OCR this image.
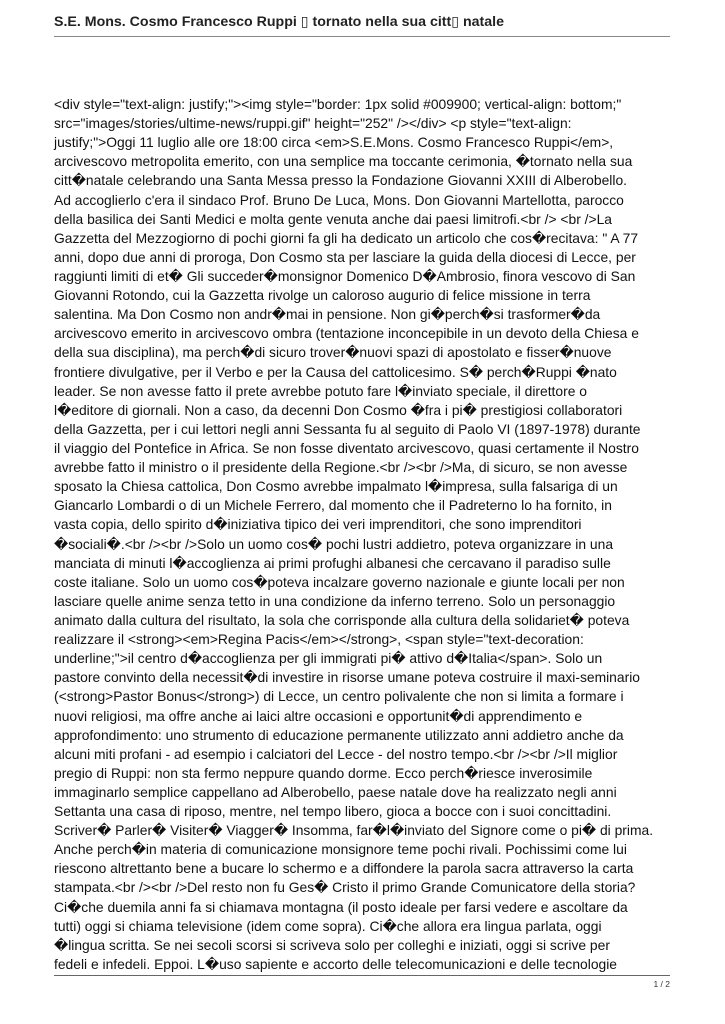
S.E. Mons. Cosmo Francesco Ruppi ▯ tornato nella sua citt▯ natale
<div style="text-align: justify;"><img style="border: 1px solid #009900; vertical-align: bottom;"
src="images/stories/ultime-news/ruppi.gif" height="252" /></div> <p style="text-align:
justify;">Oggi 11 luglio alle ore 18:00 circa <em>S.E.Mons. Cosmo Francesco Ruppi</em>,
arcivescovo metropolita emerito, con una semplice ma toccante cerimonia, �tornato nella sua
citt�natale celebrando una Santa Messa presso la Fondazione Giovanni XXIII di Alberobello.
Ad accoglierlo c'era il sindaco Prof. Bruno De Luca, Mons. Don Giovanni Martellotta, parocco
della basilica dei Santi Medici e molta gente venuta anche dai paesi limitrofi.<br /> <br />La
Gazzetta del Mezzogiorno di pochi giorni fa gli ha dedicato un articolo che cos�recitava: " A 77
anni, dopo due anni di proroga, Don Cosmo sta per lasciare la guida della diocesi di Lecce, per
raggiunti limiti di et� Gli succeder�monsignor Domenico D�Ambrosio, finora vescovo di San
Giovanni Rotondo, cui la Gazzetta rivolge un caloroso augurio di felice missione in terra
salentina. Ma Don Cosmo non andr�mai in pensione. Non gi�perch�si trasformer�da
arcivescovo emerito in arcivescovo ombra (tentazione inconcepibile in un devoto della Chiesa e
della sua disciplina), ma perch�di sicuro trover�nuovi spazi di apostolato e fisser�nuove
frontiere divulgative, per il Verbo e per la Causa del cattolicesimo. S� perch�Ruppi �nato
leader. Se non avesse fatto il prete avrebbe potuto fare l�inviato speciale, il direttore o
l�editore di giornali. Non a caso, da decenni Don Cosmo �fra i pi� prestigiosi collaboratori
della Gazzetta, per i cui lettori negli anni Sessanta fu al seguito di Paolo VI (1897-1978) durante
il viaggio del Pontefice in Africa. Se non fosse diventato arcivescovo, quasi certamente il Nostro
avrebbe fatto il ministro o il presidente della Regione.<br /><br />Ma, di sicuro, se non avesse
sposato la Chiesa cattolica, Don Cosmo avrebbe impalmato l�impresa, sulla falsariga di un
Giancarlo Lombardi o di un Michele Ferrero, dal momento che il Padreterno lo ha fornito, in
vasta copia, dello spirito d�iniziativa tipico dei veri imprenditori, che sono imprenditori
�sociali�.<br /><br />Solo un uomo cos� pochi lustri addietro, poteva organizzare in una
manciata di minuti l�accoglienza ai primi profughi albanesi che cercavano il paradiso sulle
coste italiane. Solo un uomo cos�poteva incalzare governo nazionale e giunte locali per non
lasciare quelle anime senza tetto in una condizione da inferno terreno. Solo un personaggio
animato dalla cultura del risultato, la sola che corrisponde alla cultura della solidariet� poteva
realizzare il <strong><em>Regina Pacis</em></strong>, <span style="text-decoration:
underline;">il centro d�accoglienza per gli immigrati pi� attivo d�Italia</span>. Solo un
pastore convinto della necessit�di investire in risorse umane poteva costruire il maxi-seminario
(<strong>Pastor Bonus</strong>) di Lecce, un centro polivalente che non si limita a formare i
nuovi religiosi, ma offre anche ai laici altre occasioni e opportunit�di apprendimento e
approfondimento: uno strumento di educazione permanente utilizzato anni addietro anche da
alcuni miti profani - ad esempio i calciatori del Lecce - del nostro tempo.<br /><br />Il miglior
pregio di Ruppi: non sta fermo neppure quando dorme. Ecco perch�riesce inverosimile
immaginarlo semplice cappellano ad Alberobello, paese natale dove ha realizzato negli anni
Settanta una casa di riposo, mentre, nel tempo libero, gioca a bocce con i suoi concittadini.
Scriver� Parler� Visiter� Viagger� Insomma, far�l�inviato del Signore come o pi� di prima.
Anche perch�in materia di comunicazione monsignore teme pochi rivali. Pochissimi come lui
riescono altrettanto bene a bucare lo schermo e a diffondere la parola sacra attraverso la carta
stampata.<br /><br />Del resto non fu Ges� Cristo il primo Grande Comunicatore della storia?
Ci�che duemila anni fa si chiamava montagna (il posto ideale per farsi vedere e ascoltare da
tutti) oggi si chiama televisione (idem come sopra). Ci�che allora era lingua parlata, oggi
�lingua scritta. Se nei secoli scorsi si scriveva solo per colleghi e iniziati, oggi si scrive per
fedeli e infedeli. Eppoi. L�uso sapiente e accorto delle telecomunicazioni e delle tecnologie
1 / 2
